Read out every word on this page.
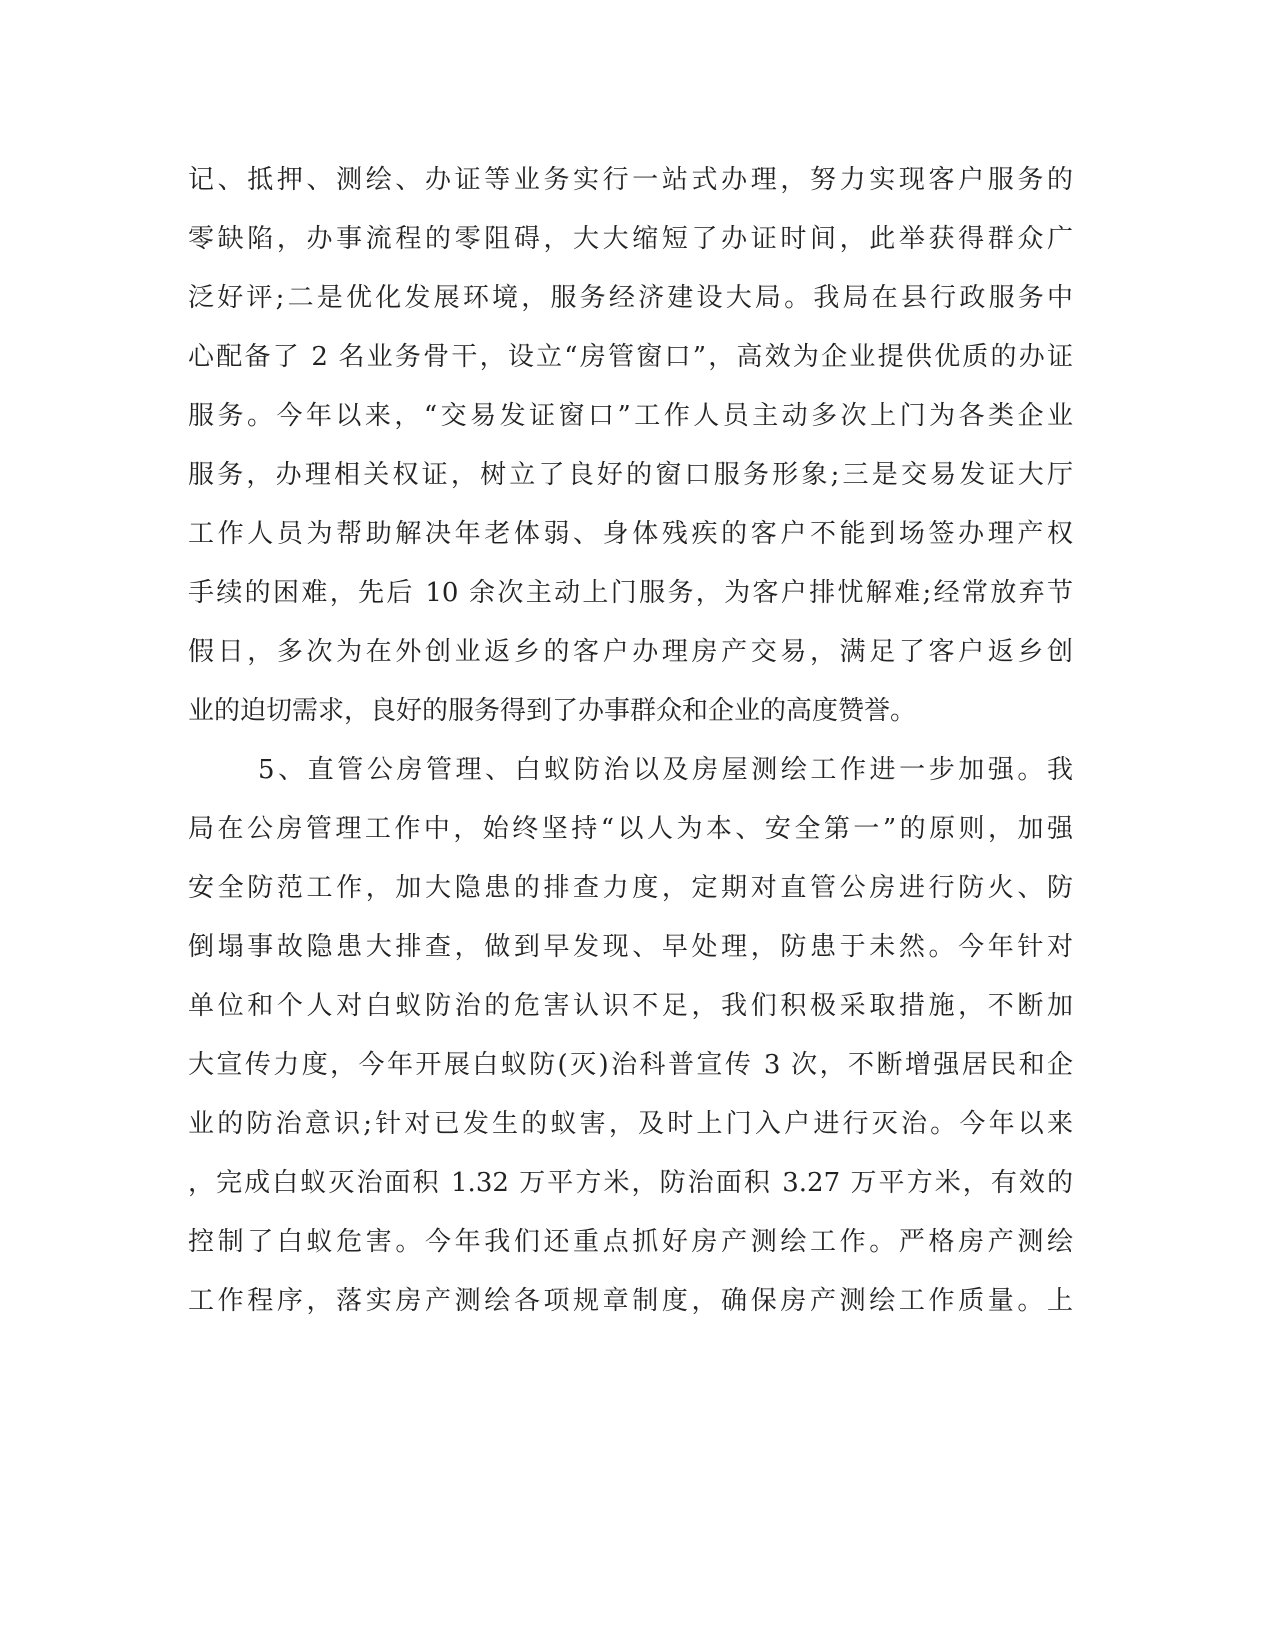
记、抵押、测绘、办证等业务实行一站式办理，努力实现客户服务的
零缺陷，办事流程的零阻碍，大大缩短了办证时间，此举获得群众广
泛好评;二是优化发展环境，服务经济建设大局。我局在县行政服务中
心配备了 2 名业务骨干，设立“房管窗口”，高效为企业提供优质的办证
服务。今年以来，“交易发证窗口”工作人员主动多次上门为各类企业
服务，办理相关权证，树立了良好的窗口服务形象;三是交易发证大厅
工作人员为帮助解决年老体弱、身体残疾的客户不能到场签办理产权
手续的困难，先后 10 余次主动上门服务，为客户排忧解难;经常放弃节
假日，多次为在外创业返乡的客户办理房产交易，满足了客户返乡创
业的迫切需求，良好的服务得到了办事群众和企业的高度赞誉。
5、直管公房管理、白蚁防治以及房屋测绘工作进一步加强。我
局在公房管理工作中，始终坚持“以人为本、安全第一”的原则，加强
安全防范工作，加大隐患的排查力度，定期对直管公房进行防火、防
倒塌事故隐患大排查，做到早发现、早处理，防患于未然。今年针对
单位和个人对白蚁防治的危害认识不足，我们积极采取措施，不断加
大宣传力度，今年开展白蚁防(灭)治科普宣传 3 次，不断增强居民和企
业的防治意识;针对已发生的蚁害，及时上门入户进行灭治。今年以来
，完成白蚁灭治面积 1.32 万平方米，防治面积 3.27 万平方米，有效的
控制了白蚁危害。今年我们还重点抓好房产测绘工作。严格房产测绘
工作程序，落实房产测绘各项规章制度，确保房产测绘工作质量。上
